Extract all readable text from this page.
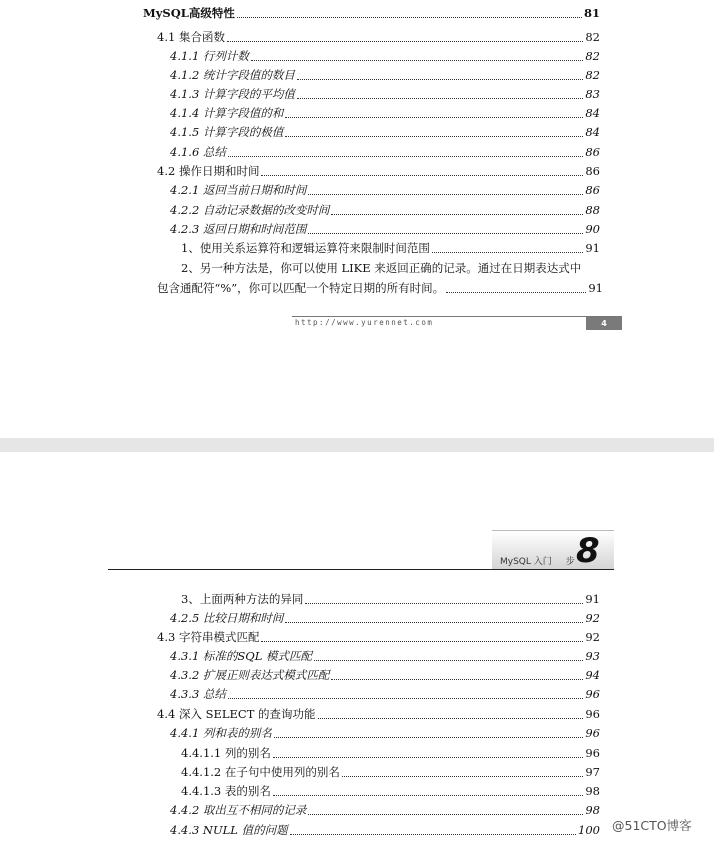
MySQL高级特性	81
4.1 集合函数	82
4.1.1 行列计数	82
4.1.2 统计字段值的数目	82
4.1.3 计算字段的平均值	83
4.1.4 计算字段值的和	84
4.1.5 计算字段的极值	84
4.1.6 总结	86
4.2 操作日期和时间	86
4.2.1 返回当前日期和时间	86
4.2.2 自动记录数据的改变时间	88
4.2.3 返回日期和时间范围	90
1、使用关系运算符和逻辑运算符来限制时间范围	91
2、另一种方法是，你可以使用 LIKE 来返回正确的记录。通过在日期表达式中
包含通配符“%”，你可以匹配一个特定日期的所有时间。	91
http://www.yurennet.com	4
MySQL 入门 步 8
3、上面两种方法的异同	91
4.2.5 比较日期和时间	92
4.3 字符串模式匹配	92
4.3.1 标准的SQL 模式匹配	93
4.3.2 扩展正则表达式模式匹配	94
4.3.3 总结	96
4.4 深入 SELECT 的查询功能	96
4.4.1 列和表的别名	96
4.4.1.1 列的别名	96
4.4.1.2 在子句中使用列的别名	97
4.4.1.3 表的别名	98
4.4.2 取出互不相同的记录	98
4.4.3 NULL 值的问题	100 @51CTO博客
